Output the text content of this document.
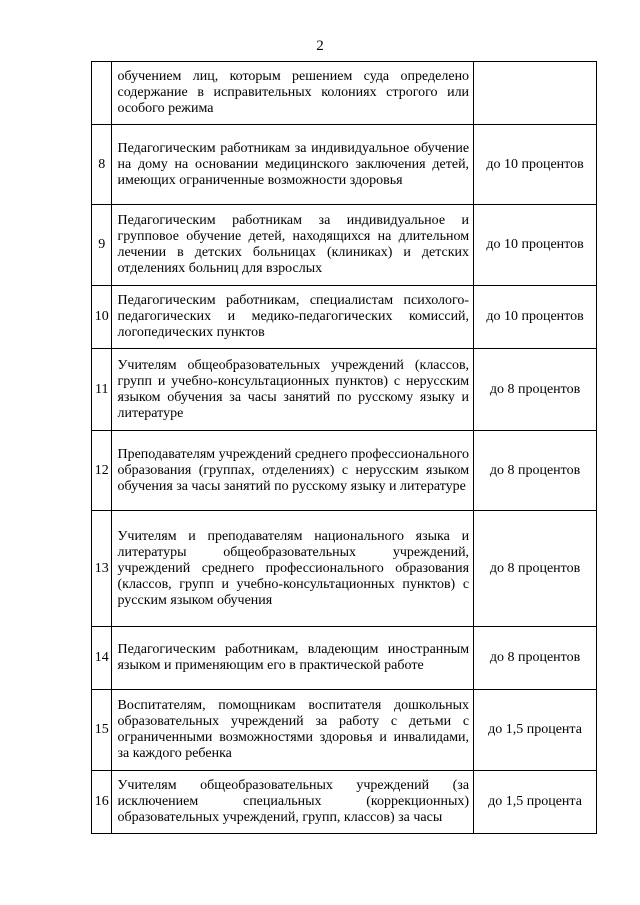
2
	обучением лиц, которым решением суда определено содержание в исправительных колониях строгого или особого режима	
8	Педагогическим работникам за индивидуальное обучение на дому на основании медицинского заключения детей, имеющих ограниченные возможности здоровья	до 10 процентов
9	Педагогическим работникам за индивидуальное и групповое обучение детей, находящихся на длительном лечении в детских больницах (клиниках) и детских отделениях больниц для взрослых	до 10 процентов
10	Педагогическим работникам, специалистам психолого-педагогических и медико-педагогических комиссий, логопедических пунктов	до 10 процентов
11	Учителям общеобразовательных учреждений (классов, групп и учебно-консультационных пунктов) с нерусским языком обучения за часы занятий по русскому языку и литературе	до 8 процентов
12	Преподавателям учреждений среднего профессионального образования (группах, отделениях) с нерусским языком обучения за часы занятий по русскому языку и литературе	до 8 процентов
13	Учителям и преподавателям национального языка и литературы общеобразовательных учреждений, учреждений среднего профессионального образования (классов, групп и учебно-консультационных пунктов) с русским языком обучения	до 8 процентов
14	Педагогическим работникам, владеющим иностранным языком и применяющим его в практической работе	до 8 процентов
15	Воспитателям, помощникам воспитателя дошкольных образовательных учреждений за работу с детьми с ограниченными возможностями здоровья и инвалидами, за каждого ребенка	до 1,5 процента
16	Учителям общеобразовательных учреждений (за исключением специальных (коррекционных) образовательных учреждений, групп, классов) за часы	до 1,5 процента
